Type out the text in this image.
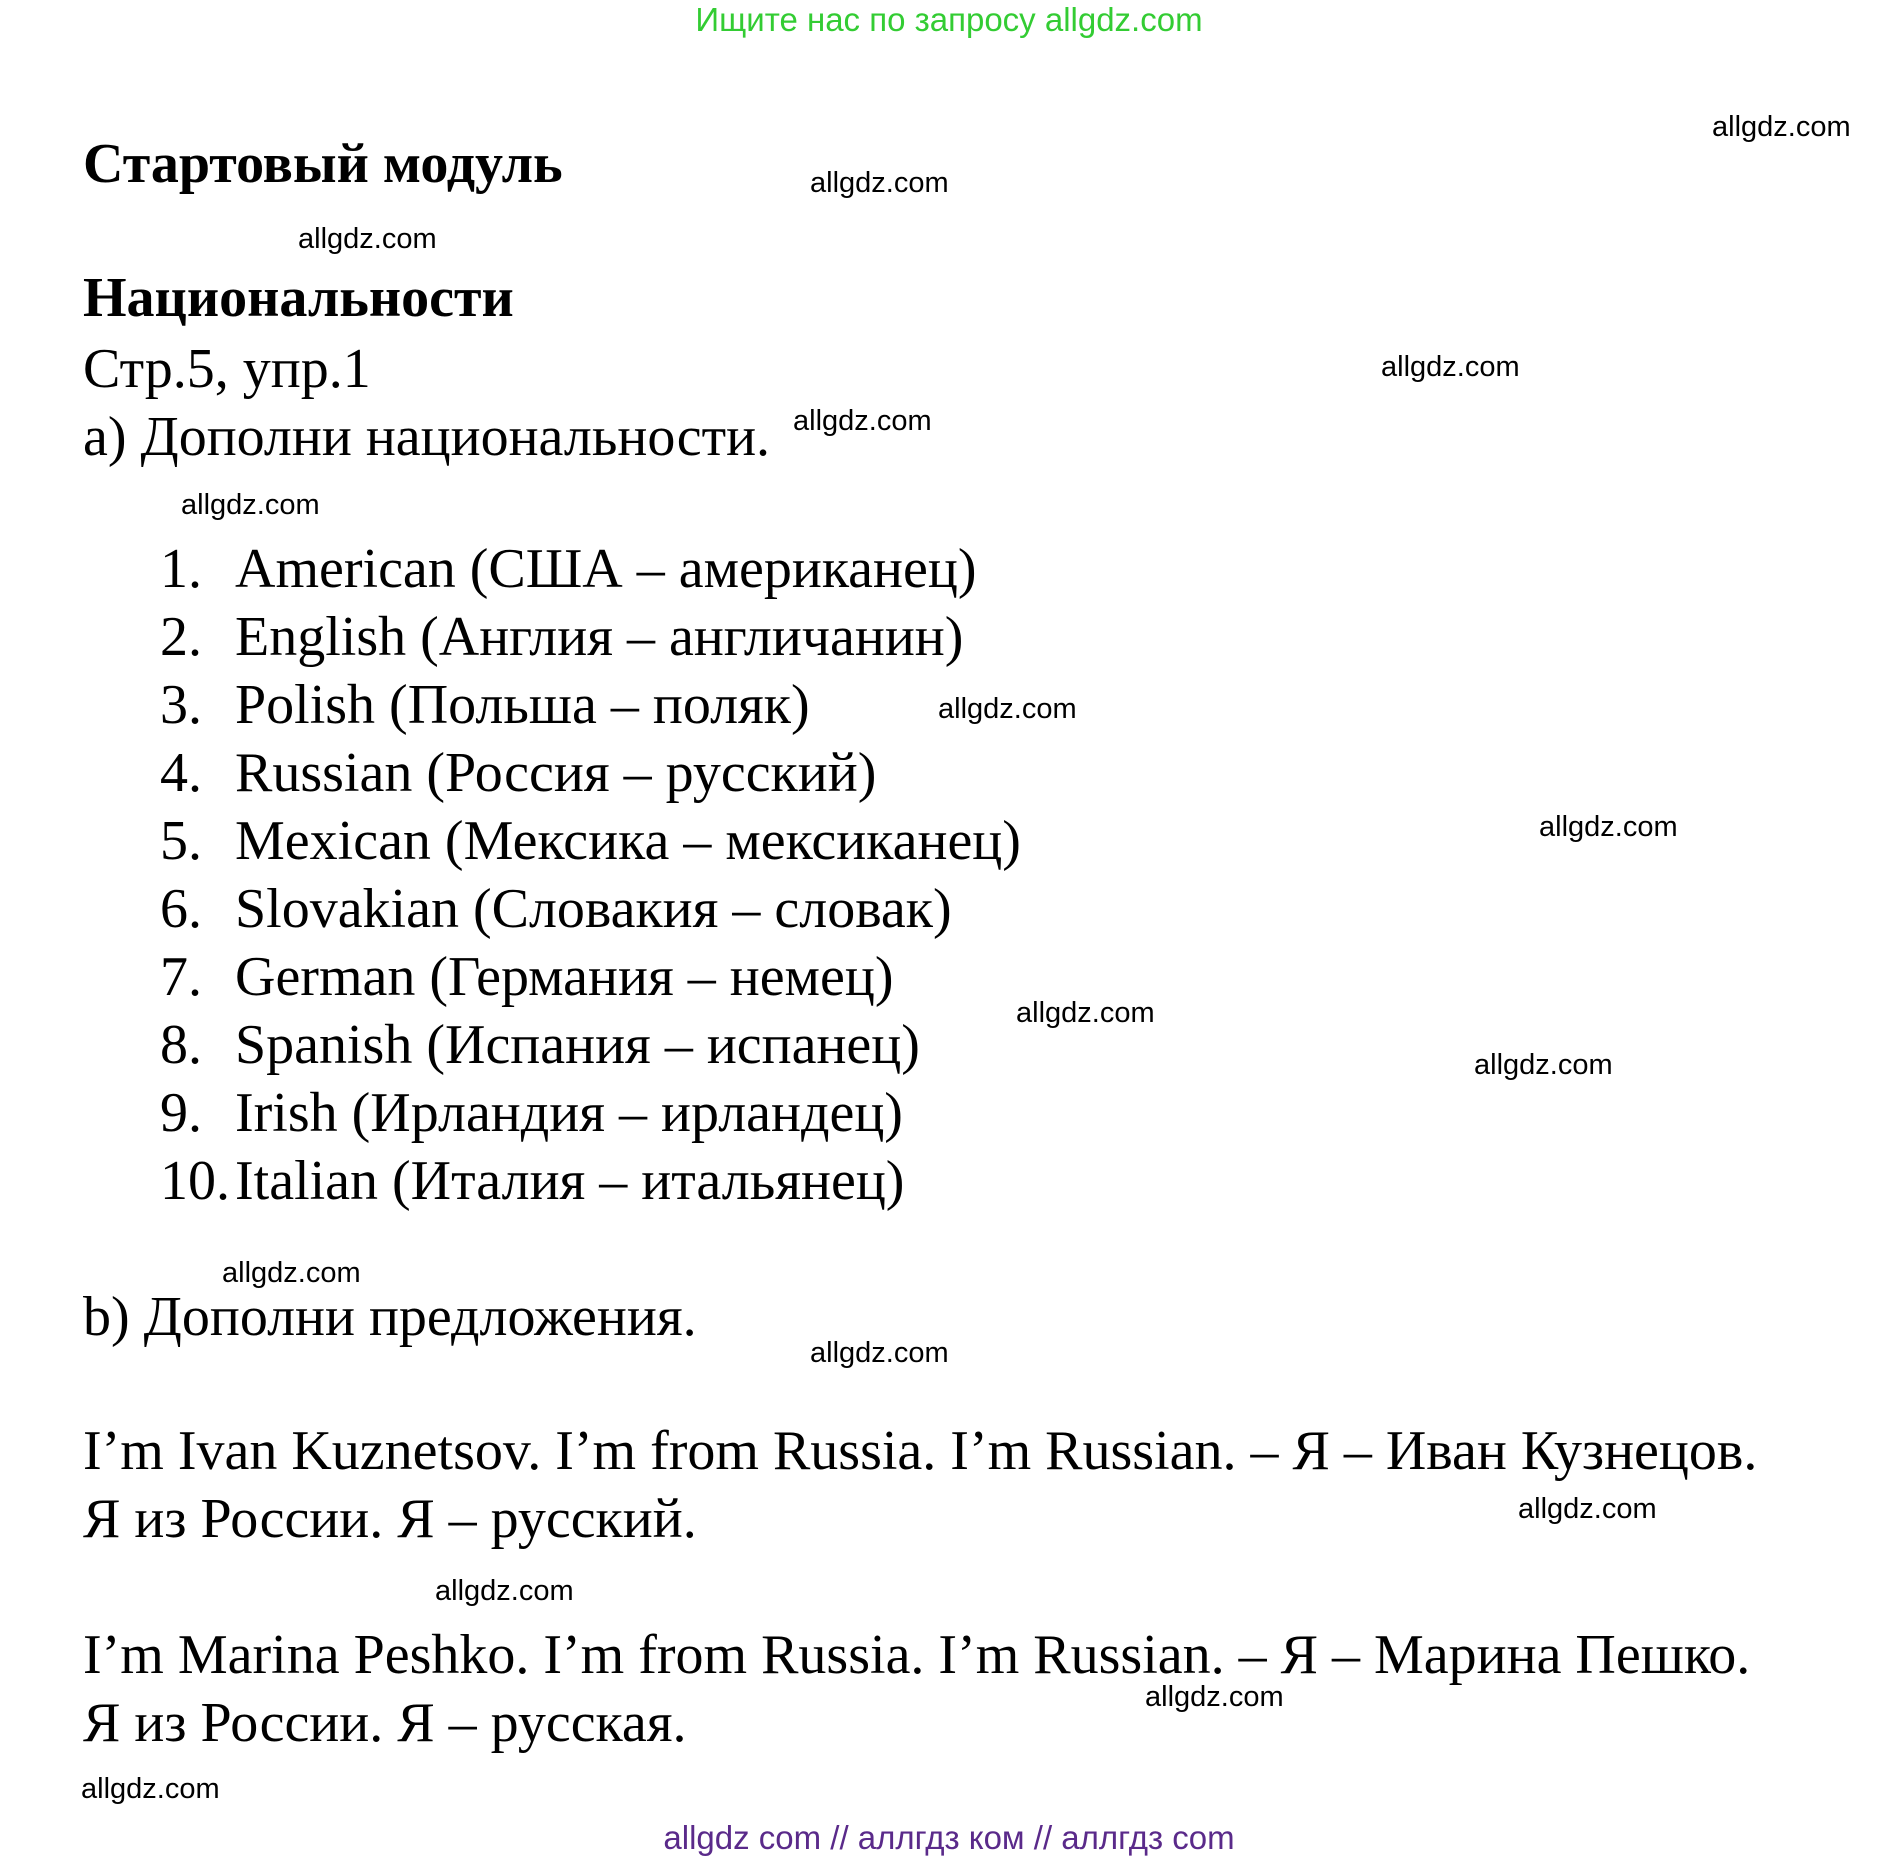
Ищите нас по запросу allgdz.com
Стартовый модуль
Национальности
Стр.5, упр.1
a) Дополни национальности.
1. American (США – американец)
2. English (Англия – англичанин)
3. Polish (Польша – поляк)
4. Russian (Россия – русский)
5. Mexican (Мексика – мексиканец)
6. Slovakian (Словакия – словак)
7. German (Германия – немец)
8. Spanish (Испания – испанец)
9. Irish (Ирландия – ирландец)
10. Italian (Италия – итальянец)
b) Дополни предложения.
I’m Ivan Kuznetsov. I’m from Russia. I’m Russian. – Я – Иван Кузнецов.
Я из России. Я – русский.
I’m Marina Peshko. I’m from Russia. I’m Russian. – Я – Марина Пешко.
Я из России. Я – русская.
allgdz.com
allgdz.com
allgdz.com
allgdz.com
allgdz.com
allgdz.com
allgdz.com
allgdz.com
allgdz.com
allgdz.com
allgdz.com
allgdz.com
allgdz.com
allgdz.com
allgdz.com
allgdz.com
allgdz com // аллгдз ком // аллгдз com
